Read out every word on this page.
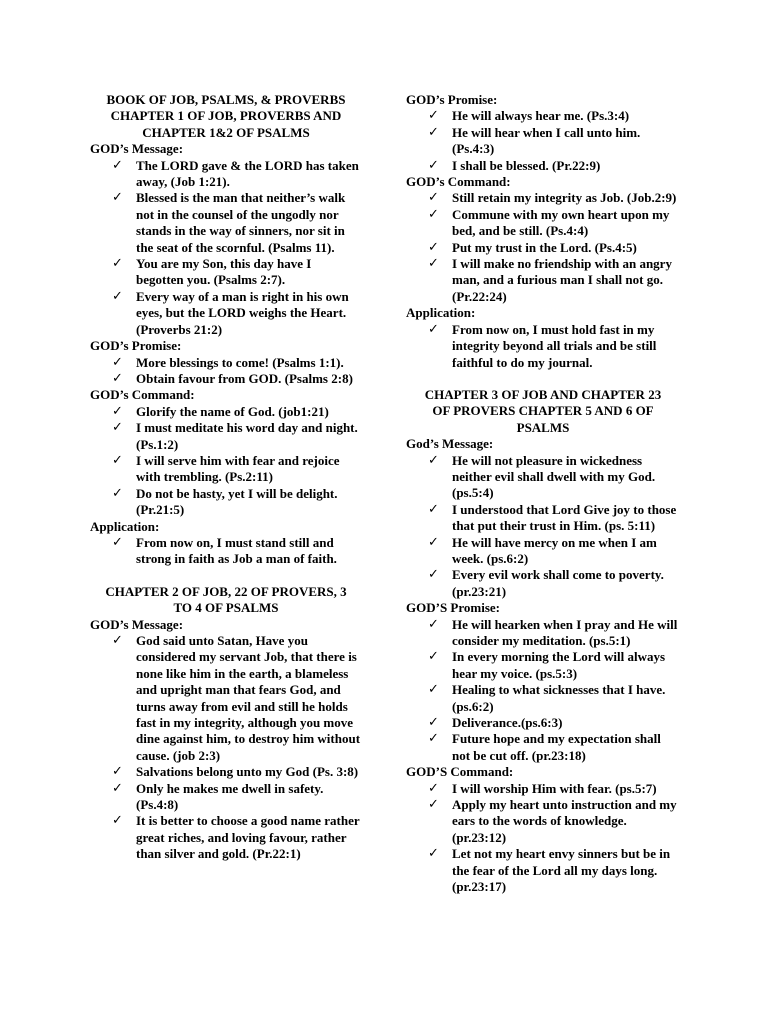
BOOK OF JOB, PSALMS, & PROVERBS
CHAPTER 1 OF JOB, PROVERBS AND
CHAPTER 1&2 OF PSALMS
GOD’s Message:
✓ The LORD gave & the LORD has taken away, (Job 1:21).
✓ Blessed is the man that neither’s walk not in the counsel of the ungodly nor stands in the way of sinners, nor sit in the seat of the scornful. (Psalms 11).
✓ You are my Son, this day have I begotten you. (Psalms 2:7).
✓ Every way of a man is right in his own eyes, but the LORD weighs the Heart. (Proverbs 21:2)
GOD’s Promise:
✓ More blessings to come! (Psalms 1:1).
✓ Obtain favour from GOD. (Psalms 2:8)
GOD’s Command:
✓ Glorify the name of God. (job1:21)
✓ I must meditate his word day and night. (Ps.1:2)
✓ I will serve him with fear and rejoice with trembling. (Ps.2:11)
✓ Do not be hasty, yet I will be delight. (Pr.21:5)
Application:
✓ From now on, I must stand still and strong in faith as Job a man of faith.
CHAPTER 2 OF JOB, 22 OF PROVERS, 3
TO 4 OF PSALMS
GOD’s Message:
✓ God said unto Satan, Have you considered my servant Job, that there is none like him in the earth, a blameless and upright man that fears God, and turns away from evil and still he holds fast in my integrity, although you move dine against him, to destroy him without cause. (job 2:3)
✓ Salvations belong unto my God (Ps. 3:8)
✓ Only he makes me dwell in safety. (Ps.4:8)
✓ It is better to choose a good name rather great riches, and loving favour, rather than silver and gold. (Pr.22:1)
GOD’s Promise:
✓ He will always hear me. (Ps.3:4)
✓ He will hear when I call unto him. (Ps.4:3)
✓ I shall be blessed. (Pr.22:9)
GOD’s Command:
✓ Still retain my integrity as Job. (Job.2:9)
✓ Commune with my own heart upon my bed, and be still. (Ps.4:4)
✓ Put my trust in the Lord. (Ps.4:5)
✓ I will make no friendship with an angry man, and a furious man I shall not go.(Pr.22:24)
Application:
✓ From now on, I must hold fast in my integrity beyond all trials and be still faithful to do my journal.
CHAPTER 3 OF JOB AND CHAPTER 23
OF PROVERS CHAPTER 5 AND 6 OF
PSALMS
God’s Message:
✓ He will not pleasure in wickedness neither evil shall dwell with my God. (ps.5:4)
✓ I understood that Lord Give joy to those that put their trust in Him. (ps. 5:11)
✓ He will have mercy on me when I am week. (ps.6:2)
✓ Every evil work shall come to poverty. (pr.23:21)
GOD’S Promise:
✓ He will hearken when I pray and He will consider my meditation. (ps.5:1)
✓ In every morning the Lord will always hear my voice. (ps.5:3)
✓ Healing to what sicknesses that I have. (ps.6:2)
✓ Deliverance.(ps.6:3)
✓ Future hope and my expectation shall not be cut off. (pr.23:18)
GOD’S Command:
✓ I will worship Him with fear. (ps.5:7)
✓ Apply my heart unto instruction and my ears to the words of knowledge. (pr.23:12)
✓ Let not my heart envy sinners but be in the fear of the Lord all my days long. (pr.23:17)
